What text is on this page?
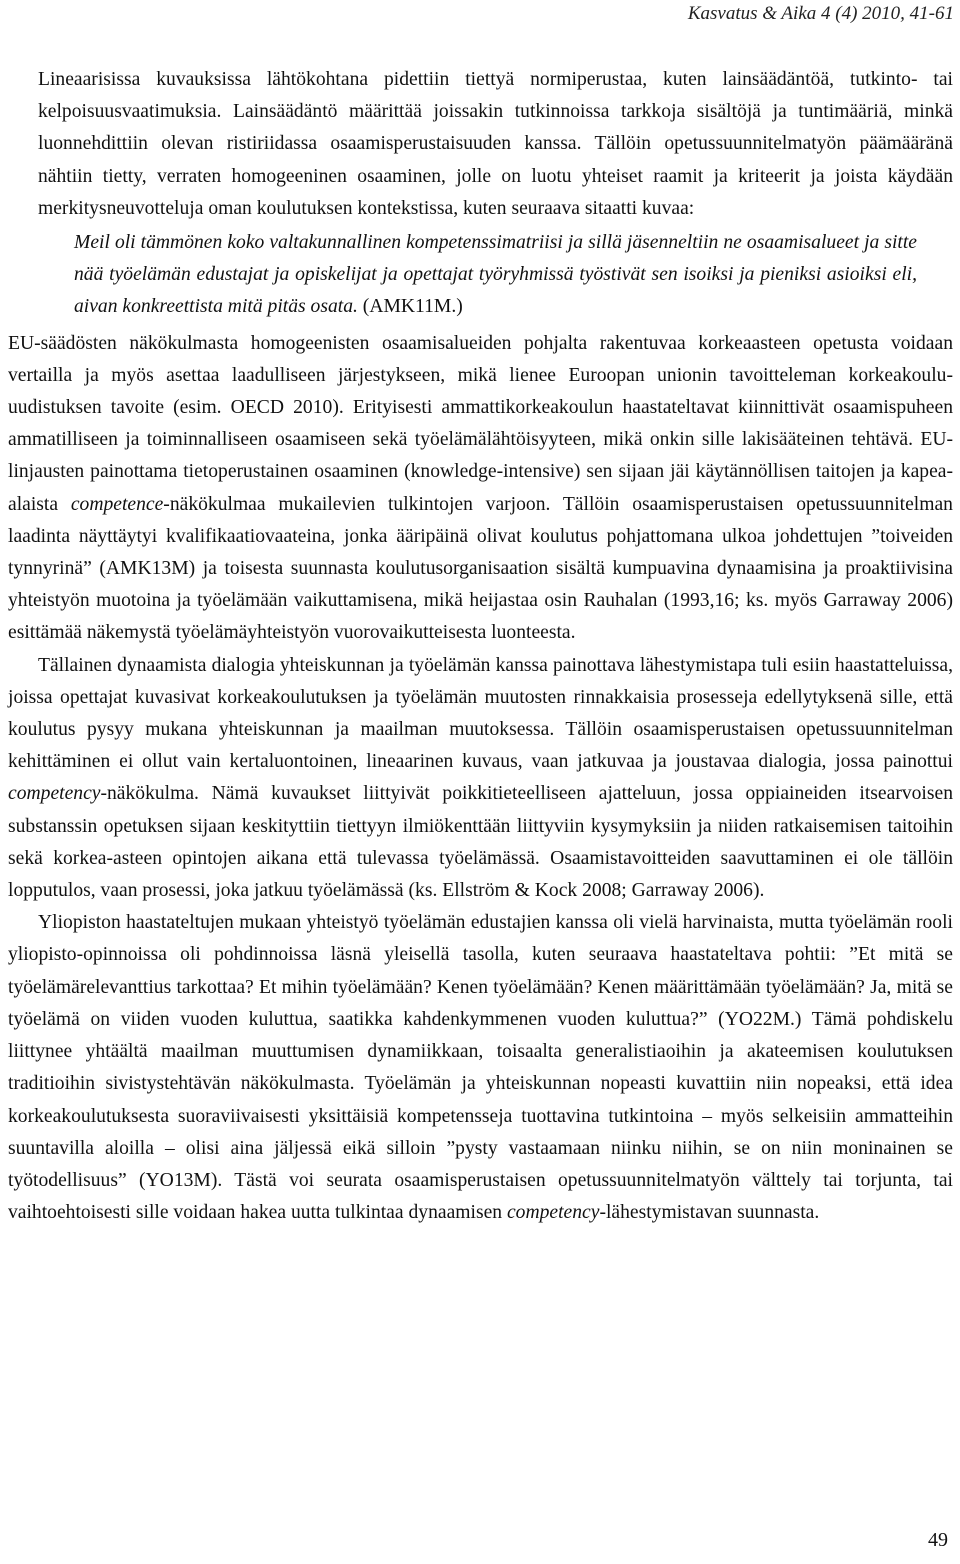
Kasvatus & Aika 4 (4) 2010, 41-61

Lineaarisissa kuvauksissa lähtökohtana pidettiin tiettyä normiperustaa, kuten lainsäädäntöä, tutkinto- tai kelpoisuusvaatimuksia. Lainsäädäntö määrittää joissakin tutkinnoissa tarkkoja sisältöjä ja tuntimääriä, minkä luonnehdittiin olevan ristiriidassa osaamisperustaisuuden kanssa. Tällöin opetussuunnitelmatyön päämääränä nähtiin tietty, verraten homogeeninen osaaminen, jolle on luotu yhteiset raamit ja kriteerit ja joista käydään merkitysneuvotteluja oman koulutuksen kontekstissa, kuten seuraava sitaatti kuvaa:

Meil oli tämmönen koko valtakunnallinen kompetenssimatriisi ja sillä jäsenneltiin ne osaamisalueet ja sitte nää työelämän edustajat ja opiskelijat ja opettajat työryhmissä työstivät sen isoiksi ja pieniksi asioiksi eli, aivan konkreettista mitä pitäs osata. (AMK11M.)

EU-säädösten näkökulmasta homogeenisten osaamisalueiden pohjalta rakentuvaa korkeaasteen opetusta voidaan vertailla ja myös asettaa laadulliseen järjestykseen, mikä lienee Euroopan unionin tavoitteleman korkeakoulu-uudistuksen tavoite (esim. OECD 2010). Erityisesti ammattikorkeakoulun haastateltavat kiinnittivät osaamispuheen ammatilliseen ja toiminnalliseen osaamiseen sekä työelämälähtöisyyteen, mikä onkin sille lakisääteinen tehtävä. EU-linjausten painottama tietoperustainen osaaminen (knowledge-intensive) sen sijaan jäi käytännöllisen taitojen ja kapea-alaista competence-näkökulmaa mukailevien tulkintojen varjoon. Tällöin osaamisperustaisen opetussuunnitelman laadinta näyttäytyi kvalifikaatiovaateina, jonka ääripäinä olivat koulutus pohjattomana ulkoa johdettujen ”toiveiden tynnyrinä” (AMK13M) ja toisesta suunnasta koulutusorganisaation sisältä kumpuavina dynaamisina ja proaktiivisina yhteistyön muotoina ja työelämään vaikuttamisena, mikä heijastaa osin Rauhalan (1993,16; ks. myös Garraway 2006) esittämää näkemystä työelämäyhteistyön vuorovaikutteisesta luonteesta.

Tällainen dynaamista dialogia yhteiskunnan ja työelämän kanssa painottava lähestymistapa tuli esiin haastatteluissa, joissa opettajat kuvasivat korkeakoulutuksen ja työelämän muutosten rinnakkaisia prosesseja edellytyksenä sille, että koulutus pysyy mukana yhteiskunnan ja maailman muutoksessa. Tällöin osaamisperustaisen opetussuunnitelman kehittäminen ei ollut vain kertaluontoinen, lineaarinen kuvaus, vaan jatkuvaa ja joustavaa dialogia, jossa painottui competency-näkökulma. Nämä kuvaukset liittyivät poikkitieteelliseen ajatteluun, jossa oppiaineiden itsearvoisen substanssin opetuksen sijaan keskityttiin tiettyyn ilmiökenttään liittyviin kysymyksiin ja niiden ratkaisemisen taitoihin sekä korkea-asteen opintojen aikana että tulevassa työelämässä. Osaamistavoitteiden saavuttaminen ei ole tällöin lopputulos, vaan prosessi, joka jatkuu työelämässä (ks. Ellström & Kock 2008; Garraway 2006).

Yliopiston haastateltujen mukaan yhteistyö työelämän edustajien kanssa oli vielä harvinaista, mutta työelämän rooli yliopisto-opinnoissa oli pohdinnoissa läsnä yleisellä tasolla, kuten seuraava haastateltava pohtii: ”Et mitä se työelämärelevanttius tarkottaa? Et mihin työelämään? Kenen työelämään? Kenen määrittämään työelämään? Ja, mitä se työelämä on viiden vuoden kuluttua, saatikka kahdenkymmenen vuoden kuluttua?” (YO22M.) Tämä pohdiskelu liittynee yhtäältä maailman muuttumisen dynamiikkaan, toisaalta generalistiaoihin ja akateemisen koulutuksen traditioihin sivistystehtävän näkökulmasta. Työelämän ja yhteiskunnan nopeasti kuvattiin niin nopeaksi, että idea korkeakoulutuksesta suoraviivaisesti yksittäisiä kompetensseja tuottavina tutkintoina – myös selkeisiin ammatteihin suuntavilla aloilla – olisi aina jäljessä eikä silloin ”pysty vastaamaan niinku niihin, se on niin moninainen se työtodellisuus” (YO13M). Tästä voi seurata osaamisperustaisen opetussuunnitelmatyön välttely tai torjunta, tai vaihtoehtoisesti sille voidaan hakea uutta tulkintaa dynaamisen competency-lähestymistavan suunnasta.

49
